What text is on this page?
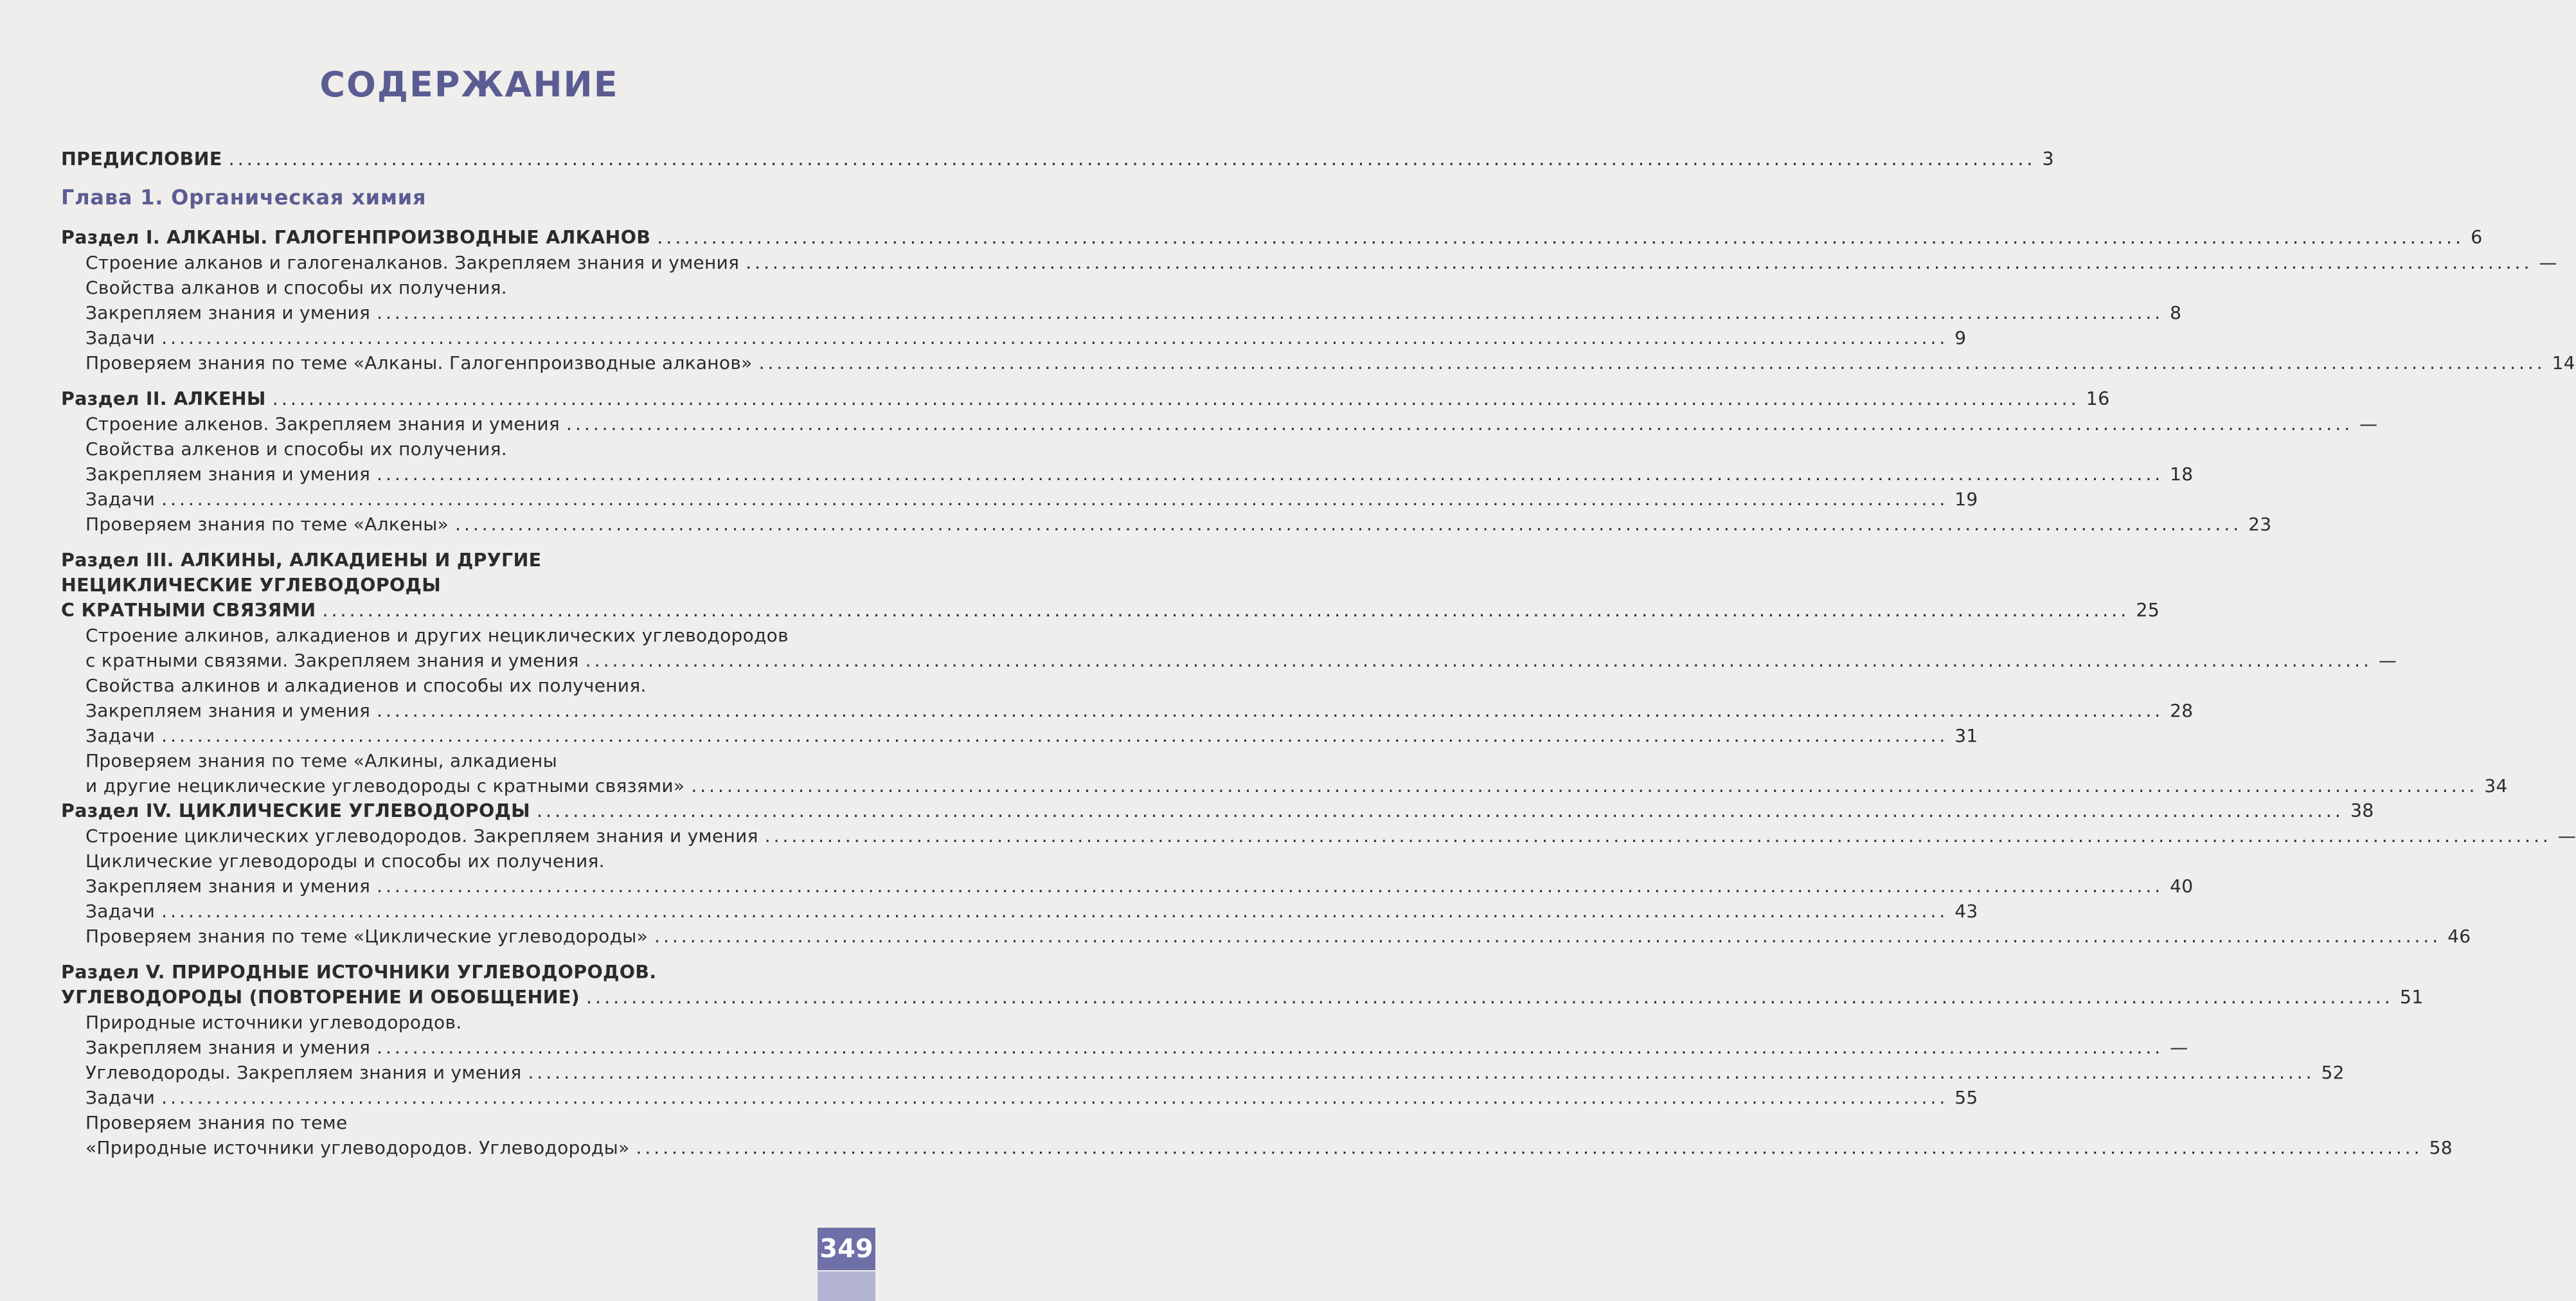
СОДЕРЖАНИЕ
ПРЕДИСЛОВИЕ ........................................................................................................................................................................................................ 3
Глава 1. Органическая химия
Раздел I. АЛКАНЫ. ГАЛОГЕНПРОИЗВОДНЫЕ АЛКАНОВ ........................................................................................................................................................................................................ 6
Строение алканов и галогеналканов. Закрепляем знания и умения ........................................................................................................................................................................................................ —
Свойства алканов и способы их получения.
Закрепляем знания и умения ........................................................................................................................................................................................................ 8
Задачи ........................................................................................................................................................................................................ 9
Проверяем знания по теме «Алканы. Галогенпроизводные алканов» ........................................................................................................................................................................................................ 14
Раздел II. АЛКЕНЫ ........................................................................................................................................................................................................ 16
Строение алкенов. Закрепляем знания и умения ........................................................................................................................................................................................................ —
Свойства алкенов и способы их получения.
Закрепляем знания и умения ........................................................................................................................................................................................................ 18
Задачи ........................................................................................................................................................................................................ 19
Проверяем знания по теме «Алкены» ........................................................................................................................................................................................................ 23
Раздел III. АЛКИНЫ, АЛКАДИЕНЫ И ДРУГИЕ
НЕЦИКЛИЧЕСКИЕ УГЛЕВОДОРОДЫ
С КРАТНЫМИ СВЯЗЯМИ ........................................................................................................................................................................................................ 25
Строение алкинов, алкадиенов и других нециклических углеводородов
с кратными связями. Закрепляем знания и умения ........................................................................................................................................................................................................ —
Свойства алкинов и алкадиенов и способы их получения.
Закрепляем знания и умения ........................................................................................................................................................................................................ 28
Задачи ........................................................................................................................................................................................................ 31
Проверяем знания по теме «Алкины, алкадиены
и другие нециклические углеводороды с кратными связями» ........................................................................................................................................................................................................ 34
Раздел IV. ЦИКЛИЧЕСКИЕ УГЛЕВОДОРОДЫ ........................................................................................................................................................................................................ 38
Строение циклических углеводородов. Закрепляем знания и умения ........................................................................................................................................................................................................ —
Циклические углеводороды и способы их получения.
Закрепляем знания и умения ........................................................................................................................................................................................................ 40
Задачи ........................................................................................................................................................................................................ 43
Проверяем знания по теме «Циклические углеводороды» ........................................................................................................................................................................................................ 46
Раздел V. ПРИРОДНЫЕ ИСТОЧНИКИ УГЛЕВОДОРОДОВ.
УГЛЕВОДОРОДЫ (ПОВТОРЕНИЕ И ОБОБЩЕНИЕ) ........................................................................................................................................................................................................ 51
Природные источники углеводородов.
Закрепляем знания и умения ........................................................................................................................................................................................................ —
Углеводороды. Закрепляем знания и умения ........................................................................................................................................................................................................ 52
Задачи ........................................................................................................................................................................................................ 55
Проверяем знания по теме
«Природные источники углеводородов. Углеводороды» ........................................................................................................................................................................................................ 58
349
